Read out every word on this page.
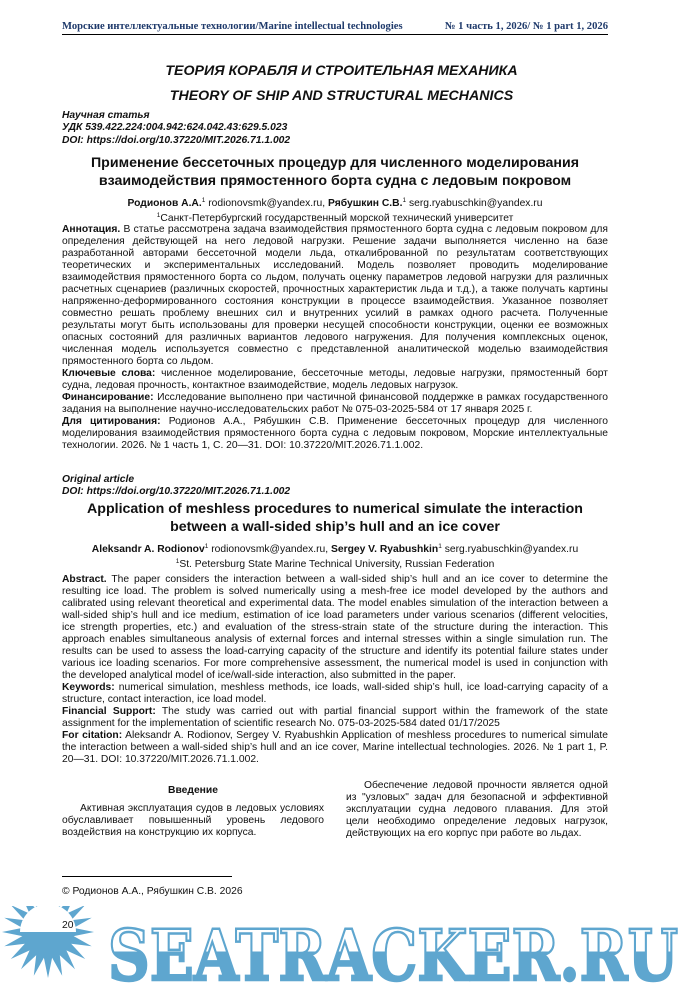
Морские интеллектуальные технологии/Marine intellectual technologies	№ 1 часть 1, 2026/ № 1 part 1, 2026
ТЕОРИЯ КОРАБЛЯ И СТРОИТЕЛЬНАЯ МЕХАНИКА
THEORY OF SHIP AND STRUCTURAL MECHANICS
Научная статья
УДК 539.422.224:004.942:624.042.43:629.5.023
DOI: https://doi.org/10.37220/MIT.2026.71.1.002
Применение бессеточных процедур для численного моделирования
взаимодействия прямостенного борта судна с ледовым покровом
Родионов А.А.$^1$ rodionovsmk@yandex.ru, Рябушкин С.В.$^1$ serg.ryabuschkin@yandex.ru
$^1$Санкт-Петербургский государственный морской технический университет

Аннотация. В статье рассмотрена задача взаимодействия прямостенного борта судна с ледовым покровом для определения действующей на него ледовой нагрузки. Решение задачи выполняется численно на базе разработанной авторами бессеточной модели льда, откалиброванной по результатам соответствующих теоретических и экспериментальных исследований. Модель позволяет проводить моделирование взаимодействия прямостенного борта со льдом, получать оценку параметров ледовой нагрузки для различных расчетных сценариев (различных скоростей, прочностных характеристик льда и т.д.), а также получать картины напряженно-деформированного состояния конструкции в процессе взаимодействия. Указанное позволяет совместно решать проблему внешних сил и внутренних усилий в рамках одного расчета. Полученные результаты могут быть использованы для проверки несущей способности конструкции, оценки ее возможных опасных состояний для различных вариантов ледового нагружения. Для получения комплексных оценок, численная модель используется совместно с представленной аналитической моделью взаимодействия прямостенного борта со льдом.

Ключевые слова: численное моделирование, бессеточные методы, ледовые нагрузки, прямостенный борт судна, ледовая прочность, контактное взаимодействие, модель ледовых нагрузок.

Финансирование: Исследование выполнено при частичной финансовой поддержке в рамках государственного задания на выполнение научно-исследовательских работ № 075-03-2025-584 от 17 января 2025 г.

Для цитирования: Родионов А.А., Рябушкин С.В. Применение бессеточных процедур для численного моделирования взаимодействия прямостенного борта судна с ледовым покровом, Морские интеллектуальные технологии. 2026. № 1 часть 1, С. 20—31. DOI: 10.37220/MIT.2026.71.1.002.

Original article
DOI: https://doi.org/10.37220/MIT.2026.71.1.002
Application of meshless procedures to numerical simulate the interaction
between a wall-sided ship’s hull and an ice cover
Aleksandr A. Rodionov$^1$ rodionovsmk@yandex.ru, Sergey V. Ryabushkin$^1$ serg.ryabuschkin@yandex.ru
$^1$St. Petersburg State Marine Technical University, Russian Federation

Abstract. The paper considers the interaction between a wall-sided ship’s hull and an ice cover to determine the resulting ice load. The problem is solved numerically using a mesh-free ice model developed by the authors and calibrated using relevant theoretical and experimental data. The model enables simulation of the interaction between a wall-sided ship’s hull and ice medium, estimation of ice load parameters under various scenarios (different velocities, ice strength properties, etc.) and evaluation of the stress-strain state of the structure during the interaction. This approach enables simultaneous analysis of external forces and internal stresses within a single simulation run. The results can be used to assess the load-carrying capacity of the structure and identify its potential failure states under various ice loading scenarios. For more comprehensive assessment, the numerical model is used in conjunction with the developed analytical model of ice/wall-side interaction, also submitted in the paper.

Keywords: numerical simulation, meshless methods, ice loads, wall-sided ship’s hull, ice load-carrying capacity of a structure, contact interaction, ice load model.

Financial Support: The study was carried out with partial financial support within the framework of the state assignment for the implementation of scientific research No. 075-03-2025-584 dated 01/17/2025

For citation: Aleksandr A. Rodionov, Sergey V. Ryabushkin Application of meshless procedures to numerical simulate the interaction between a wall-sided ship’s hull and an ice cover, Marine intellectual technologies. 2026. № 1 part 1, P. 20—31. DOI: 10.37220/MIT.2026.71.1.002.

Введение

Активная эксплуатация судов в ледовых условиях обуславливает повышенный уровень ледового воздействия на конструкцию их корпуса.

Обеспечение ледовой прочности является одной из "узловых" задач для безопасной и эффективной эксплуатации судна ледового плавания. Для этой цели необходимо определение ледовых нагрузок, действующих на его корпус при работе во льдах.

© Родионов А.А., Рябушкин С.В. 2026
SEATRACKER.RU
20
